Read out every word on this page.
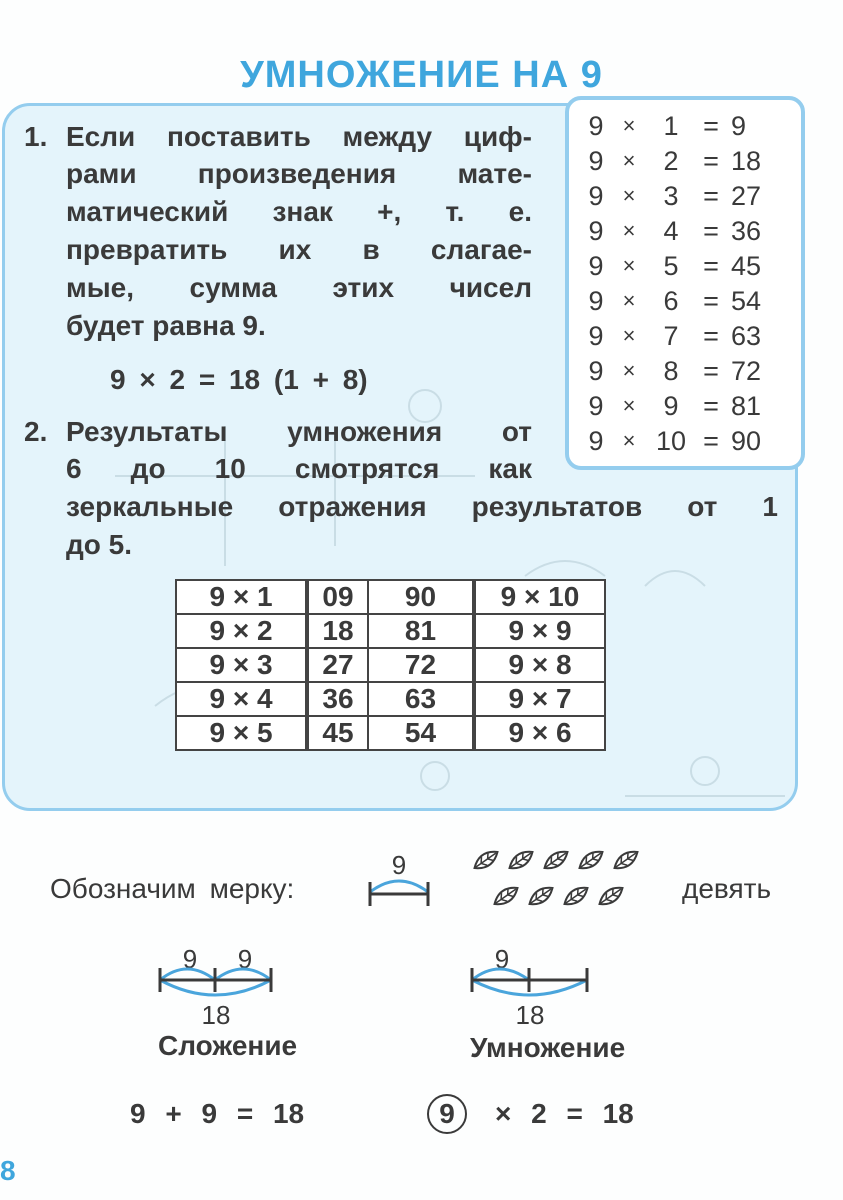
УМНОЖЕНИЕ НА 9
9 ×	1 = 9
9 ×	2 = 18
9 ×	3 = 27
9 ×	4 = 36
9 ×	5 = 45
9 ×	6 = 54
9 ×	7 = 63
9 ×	8 = 72
9 ×	9 = 81
9 × 10 = 90
1. Если поставить между циф-
рами произведения мате-
матический знак +, т. е.
превратить их в слагае-
мые, сумма этих чисел
будет равна 9.
9 × 2 = 18 (1 + 8)
2. Результаты умножения от
6 до 10 смотрятся как
зеркальные отражения результатов от 1
до 5.
9 × 1	09	90	9 × 10
9 × 2	18	81	9 × 9
9 × 3	27	72	9 × 8
9 × 4	36	63	9 × 7
9 × 5	45	54	9 × 6
Обозначим мерку:
9
девять
9 9
18
Сложение
9
18
Умножение
9 + 9 = 18	9	× 2 = 18
8
